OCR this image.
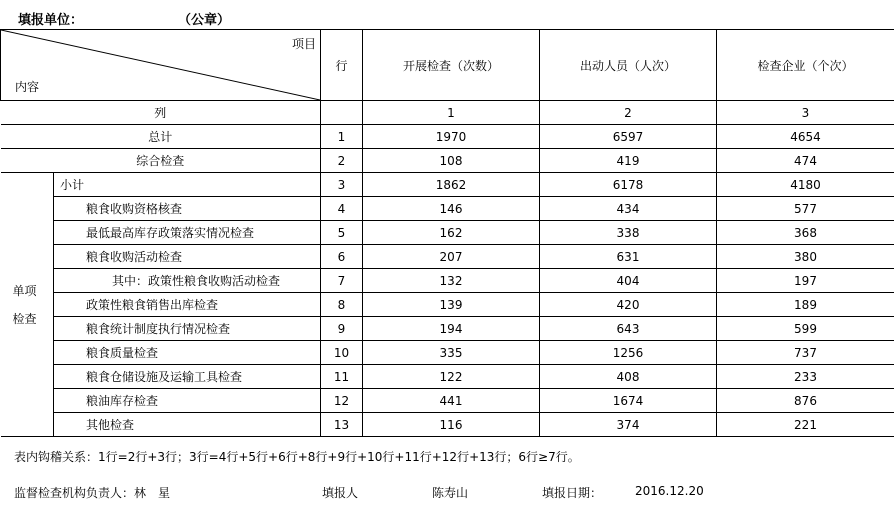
填报单位：	（公章）
项目
内容		行	开展检查（次数）	出动人员（人次）	检查企业（个次）
列			1	2	3
总计		1	1970	6597	4654
综合检查		2	108	419	474

单项
检查	小计	3	1862	6178	4180
	粮食收购资格核查	4	146	434	577
	最低最高库存政策落实情况检查	5	162	338	368
	粮食收购活动检查	6	207	631	380
	其中：政策性粮食收购活动检查	7	132	404	197
	政策性粮食销售出库检查	8	139	420	189
	粮食统计制度执行情况检查	9	194	643	599
	粮食质量检查	10	335	1256	737
	粮食仓储设施及运输工具检查	11	122	408	233
	粮油库存检查	12	441	1674	876
	其他检查	13	116	374	221
表内钩稽关系：1行=2行+3行；3行=4行+5行+6行+8行+9行+10行+11行+12行+13行；6行≥7行。
监督检查机构负责人：林　星	填报人	陈寿山	填报日期：	2016.12.20
